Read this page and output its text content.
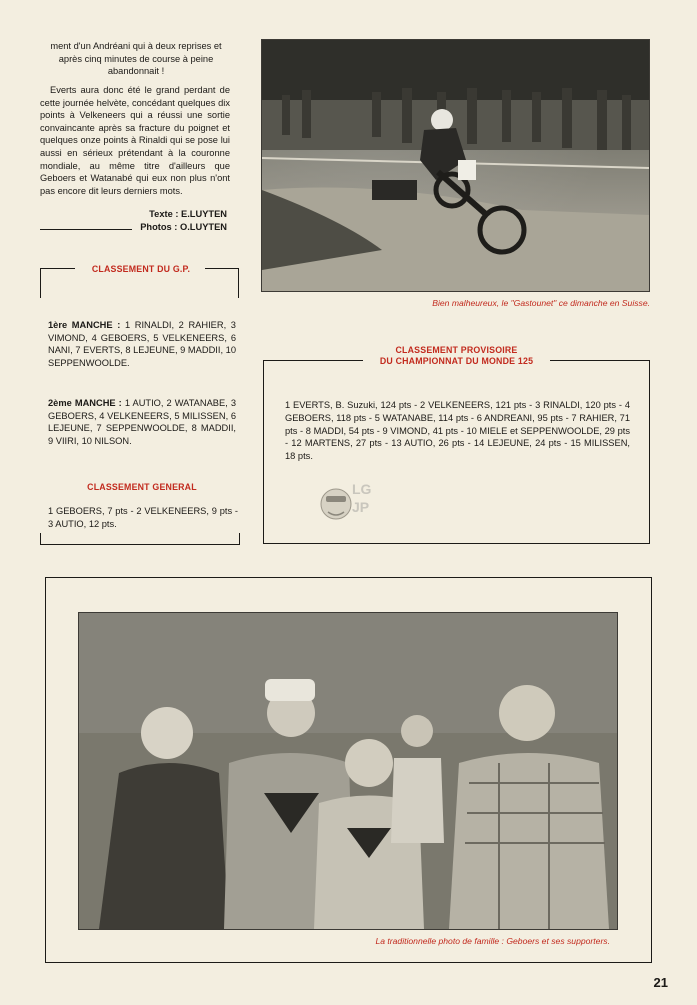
ment d'un Andréani qui à deux reprises et après cinq minutes de course à peine abandonnait !
Everts aura donc été le grand perdant de cette journée helvète, concédant quelques dix points à Velkeneers qui a réussi une sortie convaincante après sa fracture du poignet et quelques onze points à Rinaldi qui se pose lui aussi en sérieux prétendant à la couronne mondiale, au même titre d'ailleurs que Geboers et Watanabé qui eux non plus n'ont pas encore dit leurs derniers mots.
Texte : E.LUYTEN
Photos : O.LUYTEN
Bien malheureux, le "Gastounet" ce dimanche en Suisse.
CLASSEMENT DU G.P.
1ère MANCHE : 1 RINALDI, 2 RAHIER, 3 VIMOND, 4 GEBOERS, 5 VELKENEERS, 6 NANI, 7 EVERTS, 8 LEJEUNE, 9 MADDII, 10 SEPPENWOOLDE.
2ème MANCHE : 1 AUTIO, 2 WATANABE, 3 GEBOERS, 4 VELKENEERS, 5 MILISSEN, 6 LEJEUNE, 7 SEPPENWOOLDE, 8 MADDII, 9 VIIRI, 10 NILSON.
CLASSEMENT GENERAL
1 GEBOERS, 7 pts - 2 VELKENEERS, 9 pts - 3 AUTIO, 12 pts.
CLASSEMENT PROVISOIRE
DU CHAMPIONNAT DU MONDE 125
1 EVERTS, B. Suzuki, 124 pts - 2 VELKENEERS, 121 pts - 3 RINALDI, 120 pts - 4 GEBOERS, 118 pts - 5 WATANABE, 114 pts - 6 ANDREANI, 95 pts - 7 RAHIER, 71 pts - 8 MADDI, 54 pts - 9 VIMOND, 41 pts - 10 MIELE et SEPPENWOOLDE, 29 pts - 12 MARTENS, 27 pts - 13 AUTIO, 26 pts - 14 LEJEUNE, 24 pts - 15 MILISSEN, 18 pts.
LG
JP
La traditionnelle photo de famille : Geboers et ses supporters.
21
